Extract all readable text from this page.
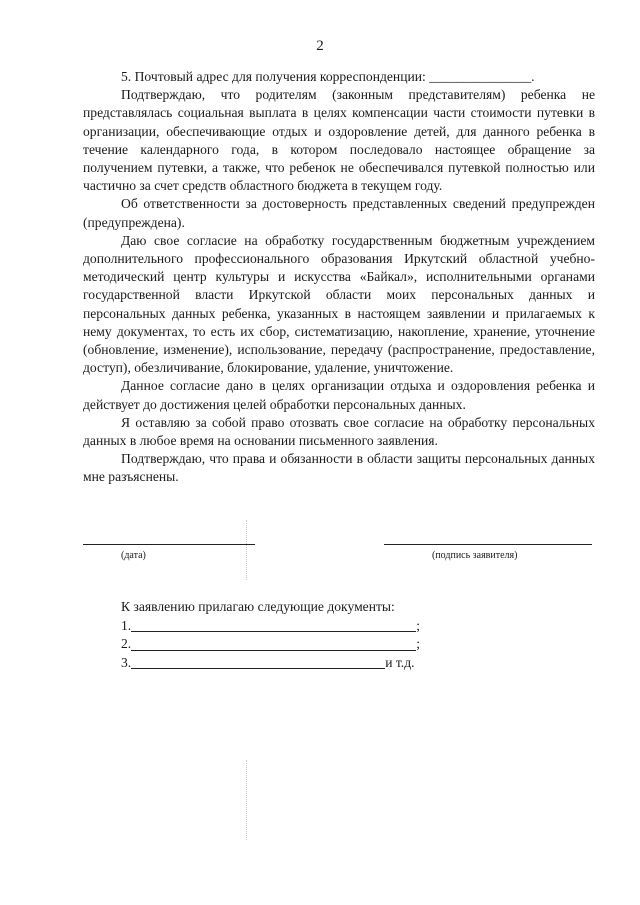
2

5. Почтовый адрес для получения корреспонденции: _______________.

Подтверждаю, что родителям (законным представителям) ребенка не представлялась социальная выплата в целях компенсации части стоимости путевки в организации, обеспечивающие отдых и оздоровление детей, для данного ребенка в течение календарного года, в котором последовало настоящее обращение за получением путевки, а также, что ребенок не обеспечивался путевкой полностью или частично за счет средств областного бюджета в текущем году.

Об ответственности за достоверность представленных сведений предупрежден (предупреждена).

Даю свое согласие на обработку государственным бюджетным учреждением дополнительного профессионального образования Иркутский областной учебно-методический центр культуры и искусства «Байкал», исполнительными органами государственной власти Иркутской области моих персональных данных и персональных данных ребенка, указанных в настоящем заявлении и прилагаемых к нему документах, то есть их сбор, систематизацию, накопление, хранение, уточнение (обновление, изменение), использование, передачу (распространение, предоставление, доступ), обезличивание, блокирование, удаление, уничтожение.

Данное согласие дано в целях организации отдыха и оздоровления ребенка и действует до достижения целей обработки персональных данных.

Я оставляю за собой право отозвать свое согласие на обработку персональных данных в любое время на основании письменного заявления.

Подтверждаю, что права и обязанности в области защиты персональных данных мне разъяснены.

(дата)	(подпись заявителя)
К заявлению прилагаю следующие документы:
1.	;
2.	;
3.	и т.д.
